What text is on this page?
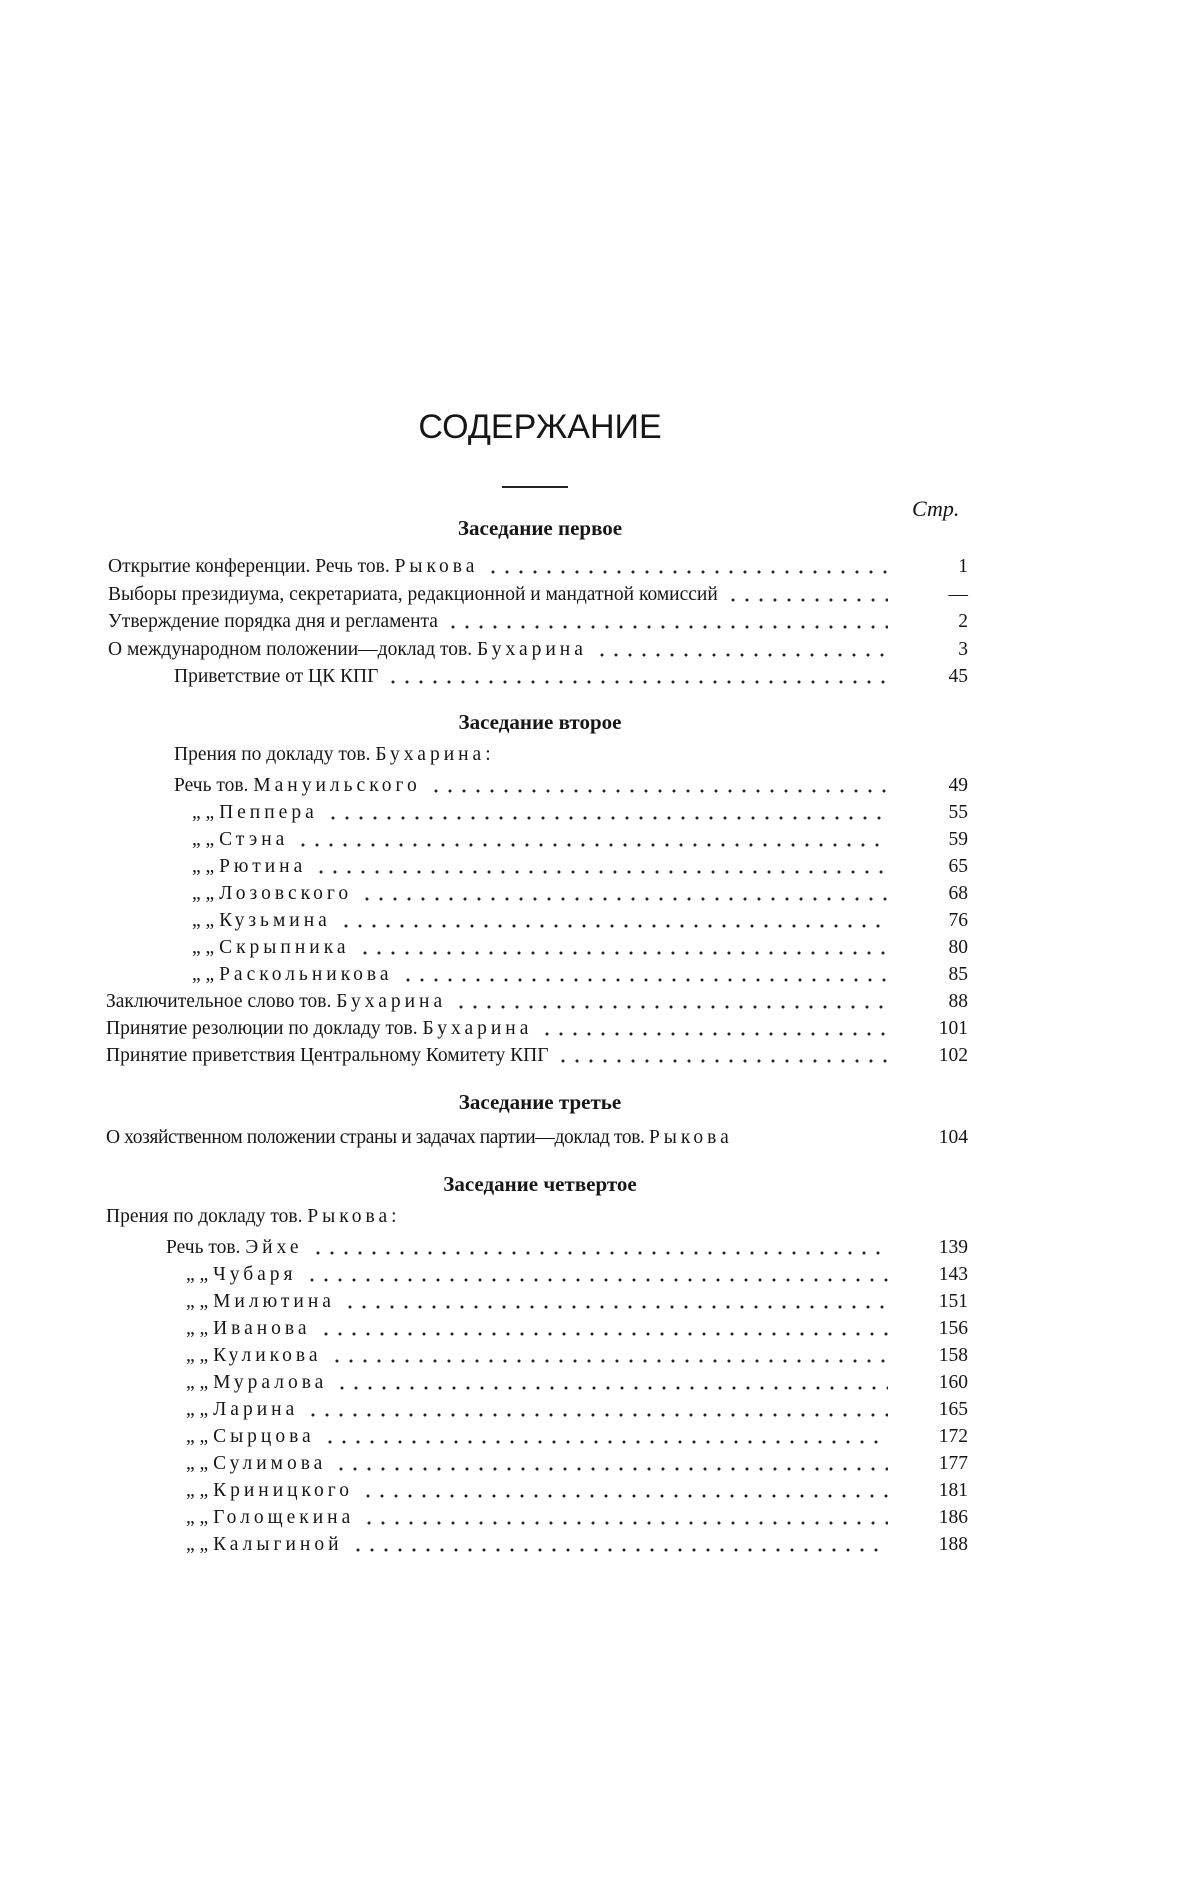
СОДЕРЖАНИЕ
Стр.
Заседание первое
Открытие конференции. Речь тов. Рыкова	1
Выборы президиума, секретариата, редакционной и мандатной комиссий	—
Утверждение порядка дня и регламента	2
О международном положении—доклад тов. Бухарина	3
Приветствие от ЦК КПГ	45
Заседание второе
Прения по докладу тов. Бухарина:
Речь тов. Мануильского	49
„ „ Пеппера	55
„ „ Стэна	59
„ „ Рютина	65
„ „ Лозовского	68
„ „ Кузьмина	76
„ „ Скрыпника	80
„ „ Раскольникова	85
Заключительное слово тов. Бухарина	88
Принятие резолюции по докладу тов. Бухарина	101
Принятие приветствия Центральному Комитету КПГ	102
Заседание третье
О хозяйственном положении страны и задачах партии—доклад тов. Рыкова	104
Заседание четвертое
Прения по докладу тов. Рыкова:
Речь тов. Эйхе	139
„ „ Чубаря	143
„ „ Милютина	151
„ „ Иванова	156
„ „ Куликова	158
„ „ Муралова	160
„ „ Ларина	165
„ „ Сырцова	172
„ „ Сулимова	177
„ „ Криницкого	181
„ „ Голощекина	186
„ „ Калыгиной	188
